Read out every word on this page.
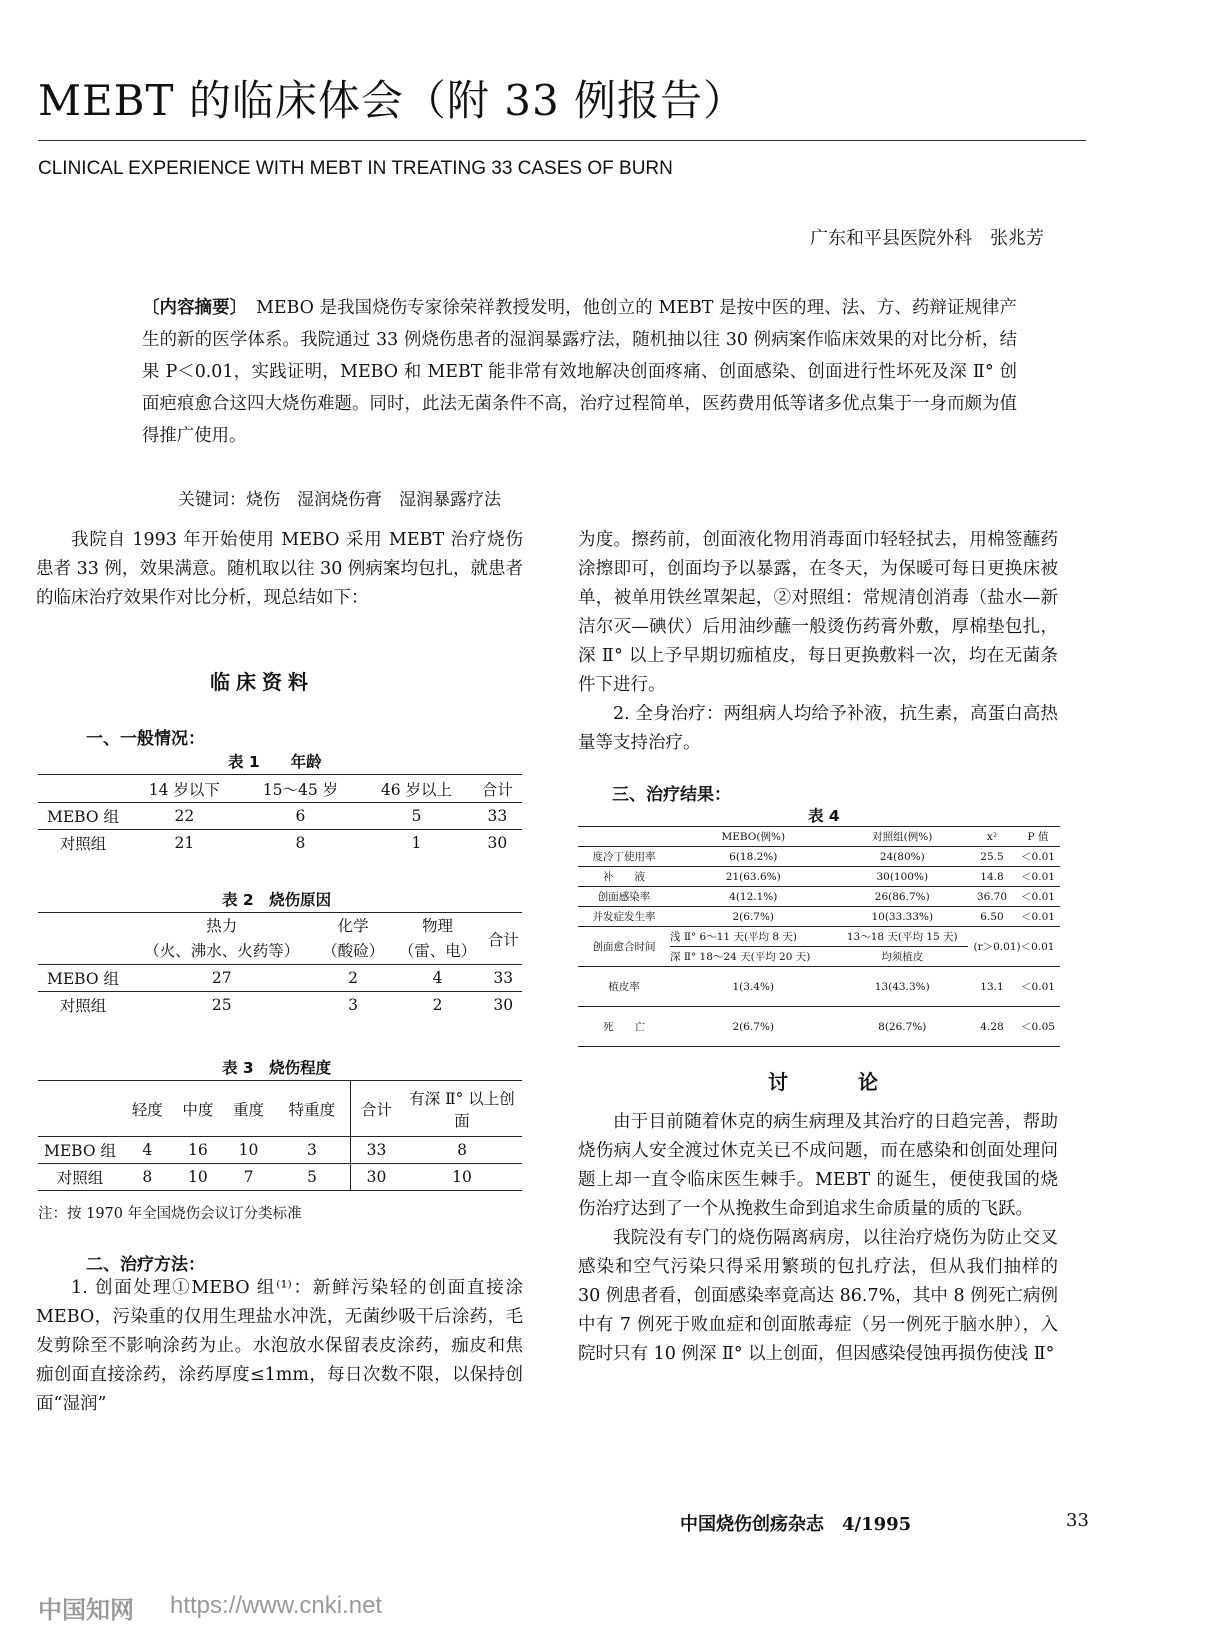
MEBT 的临床体会（附 33 例报告）
CLINICAL EXPERIENCE WITH MEBT IN TREATING 33 CASES OF BURN
广东和平县医院外科　张兆芳
〔内容摘要〕　MEBO 是我国烧伤专家徐荣祥教授发明，他创立的 MEBT 是按中医的理、法、方、药辩证规律产生的新的医学体系。我院通过 33 例烧伤患者的湿润暴露疗法，随机抽以往 30 例病案作临床效果的对比分析，结果 P＜0.01，实践证明，MEBO 和 MEBT 能非常有效地解决创面疼痛、创面感染、创面进行性坏死及深 Ⅱ° 创面疤痕愈合这四大烧伤难题。同时，此法无菌条件不高，治疗过程简单，医药费用低等诸多优点集于一身而颇为值得推广使用。
关键词：烧伤　湿润烧伤膏　湿润暴露疗法

我院自 1993 年开始使用 MEBO 采用 MEBT 治疗烧伤患者 33 例，效果满意。随机取以往 30 例病案均包扎，就患者的临床治疗效果作对比分析，现总结如下：

临床资料
一、一般情况：
表 1　　年龄
	14 岁以下	15～45 岁	46 岁以上	合计
MEBO 组	22	6	5	33
对照组	21	8	1	30
表 2　烧伤原因
	热力	化学	物理	合计
	（火、沸水、火药等）	（酸硷）	（雷、电）	
MEBO 组	27	2	4	33
对照组	25	3	2	30
表 3　烧伤程度
	轻度	中度	重度	特重度	合计	有深 Ⅱ° 以上创面
MEBO 组	4	16	10	3	33	8
对照组	8	10	7	5	30	10
注：按 1970 年全国烧伤会议订分类标准
二、治疗方法：

1. 创面处理①MEBO 组⁽¹⁾：新鲜污染轻的创面直接涂 MEBO，污染重的仅用生理盐水冲洗，无菌纱吸干后涂药，毛发剪除至不影响涂药为止。水泡放水保留表皮涂药，痂皮和焦痂创面直接涂药，涂药厚度≤1mm，每日次数不限，以保持创面“湿润”

为度。擦药前，创面液化物用消毒面巾轻轻拭去，用棉签蘸药涂擦即可，创面均予以暴露，在冬天，为保暖可每日更换床被单，被单用铁丝罩架起，②对照组：常规清创消毒（盐水—新洁尔灭—碘伏）后用油纱蘸一般烫伤药膏外敷，厚棉垫包扎，深 Ⅱ° 以上予早期切痂植皮，每日更换敷料一次，均在无菌条件下进行。

2. 全身治疗：两组病人均给予补液，抗生素，高蛋白高热量等支持治疗。

三、治疗结果：
表 4
	MEBO(例%)	对照组(例%)	x²	P 值
度冷丁使用率	6(18.2%)	24(80%)	25.5	＜0.01
补　　液	21(63.6%)	30(100%)	14.8	＜0.01
创面感染率	4(12.1%)	26(86.7%)	36.70	＜0.01
并发症发生率	2(6.7%)	10(33.33%)	6.50	＜0.01
创面愈合时间	浅 Ⅱ° 6～11 天(平均 8 天)	13～18 天(平均 15 天)	(r＞0.01)＜0.01	
	深 Ⅱ° 18～24 天(平均 20 天)	均须植皮		
植皮率	1(3.4%)	13(43.3%)	13.1	＜0.01
死　　亡	2(6.7%)	8(26.7%)	4.28	＜0.05
讨　　论

由于目前随着休克的病生病理及其治疗的日趋完善，帮助烧伤病人安全渡过休克关已不成问题，而在感染和创面处理问题上却一直令临床医生棘手。MEBT 的诞生，便使我国的烧伤治疗达到了一个从挽救生命到追求生命质量的质的飞跃。

我院没有专门的烧伤隔离病房，以往治疗烧伤为防止交叉感染和空气污染只得采用繁琐的包扎疗法，但从我们抽样的 30 例患者看，创面感染率竟高达 86.7%，其中 8 例死亡病例中有 7 例死于败血症和创面脓毒症（另一例死于脑水肿），入院时只有 10 例深 Ⅱ° 以上创面，但因感染侵蚀再损伤使浅 Ⅱ°

中国烧伤创疡杂志　4/1995	33
中国知网 https://www.cnki.net
